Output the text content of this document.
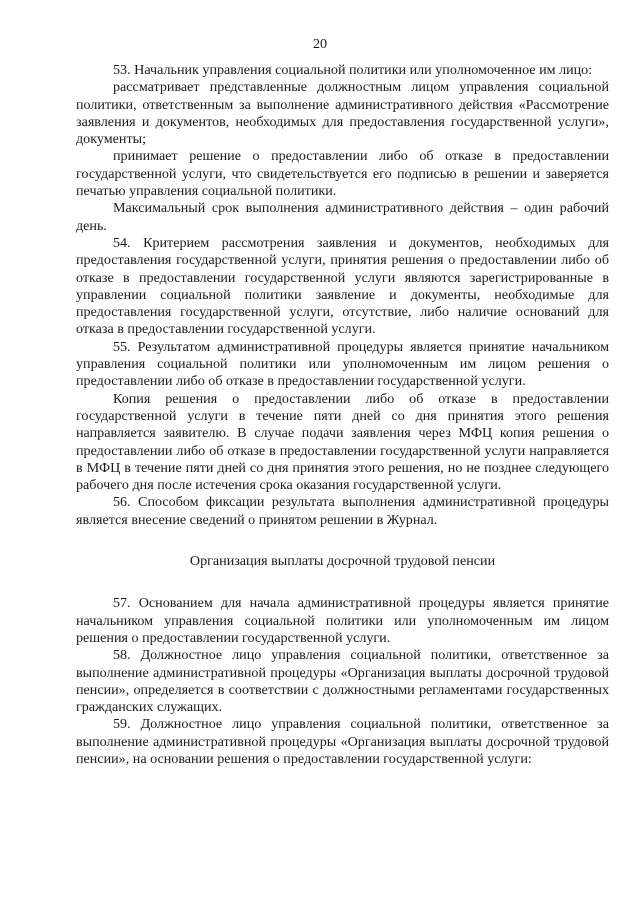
20

53. Начальник управления социальной политики или уполномоченное им лицо:

рассматривает представленные должностным лицом управления социальной политики, ответственным за выполнение административного действия «Рассмотрение заявления и документов, необходимых для предоставления государственной услуги», документы;

принимает решение о предоставлении либо об отказе в предоставлении государственной услуги, что свидетельствуется его подписью в решении и заверяется печатью управления социальной политики.

Максимальный срок выполнения административного действия – один рабочий день.

54. Критерием рассмотрения заявления и документов, необходимых для предоставления государственной услуги, принятия решения о предоставлении либо об отказе в предоставлении государственной услуги являются зарегистрированные в управлении социальной политики заявление и документы, необходимые для предоставления государственной услуги, отсутствие, либо наличие оснований для отказа в предоставлении государственной услуги.

55. Результатом административной процедуры является принятие начальником управления социальной политики или уполномоченным им лицом решения о предоставлении либо об отказе в предоставлении государственной услуги.

Копия решения о предоставлении либо об отказе в предоставлении государственной услуги в течение пяти дней со дня принятия этого решения направляется заявителю. В случае подачи заявления через МФЦ копия решения о предоставлении либо об отказе в предоставлении государственной услуги направляется в МФЦ в течение пяти дней со дня принятия этого решения, но не позднее следующего рабочего дня после истечения срока оказания государственной услуги.

56. Способом фиксации результата выполнения административной процедуры является внесение сведений о принятом решении в Журнал.

Организация выплаты досрочной трудовой пенсии

57. Основанием для начала административной процедуры является принятие начальником управления социальной политики или уполномоченным им лицом решения о предоставлении государственной услуги.

58. Должностное лицо управления социальной политики, ответственное за выполнение административной процедуры «Организация выплаты досрочной трудовой пенсии», определяется в соответствии с должностными регламентами государственных гражданских служащих.

59. Должностное лицо управления социальной политики, ответственное за выполнение административной процедуры «Организация выплаты досрочной трудовой пенсии», на основании решения о предоставлении государственной услуги:
